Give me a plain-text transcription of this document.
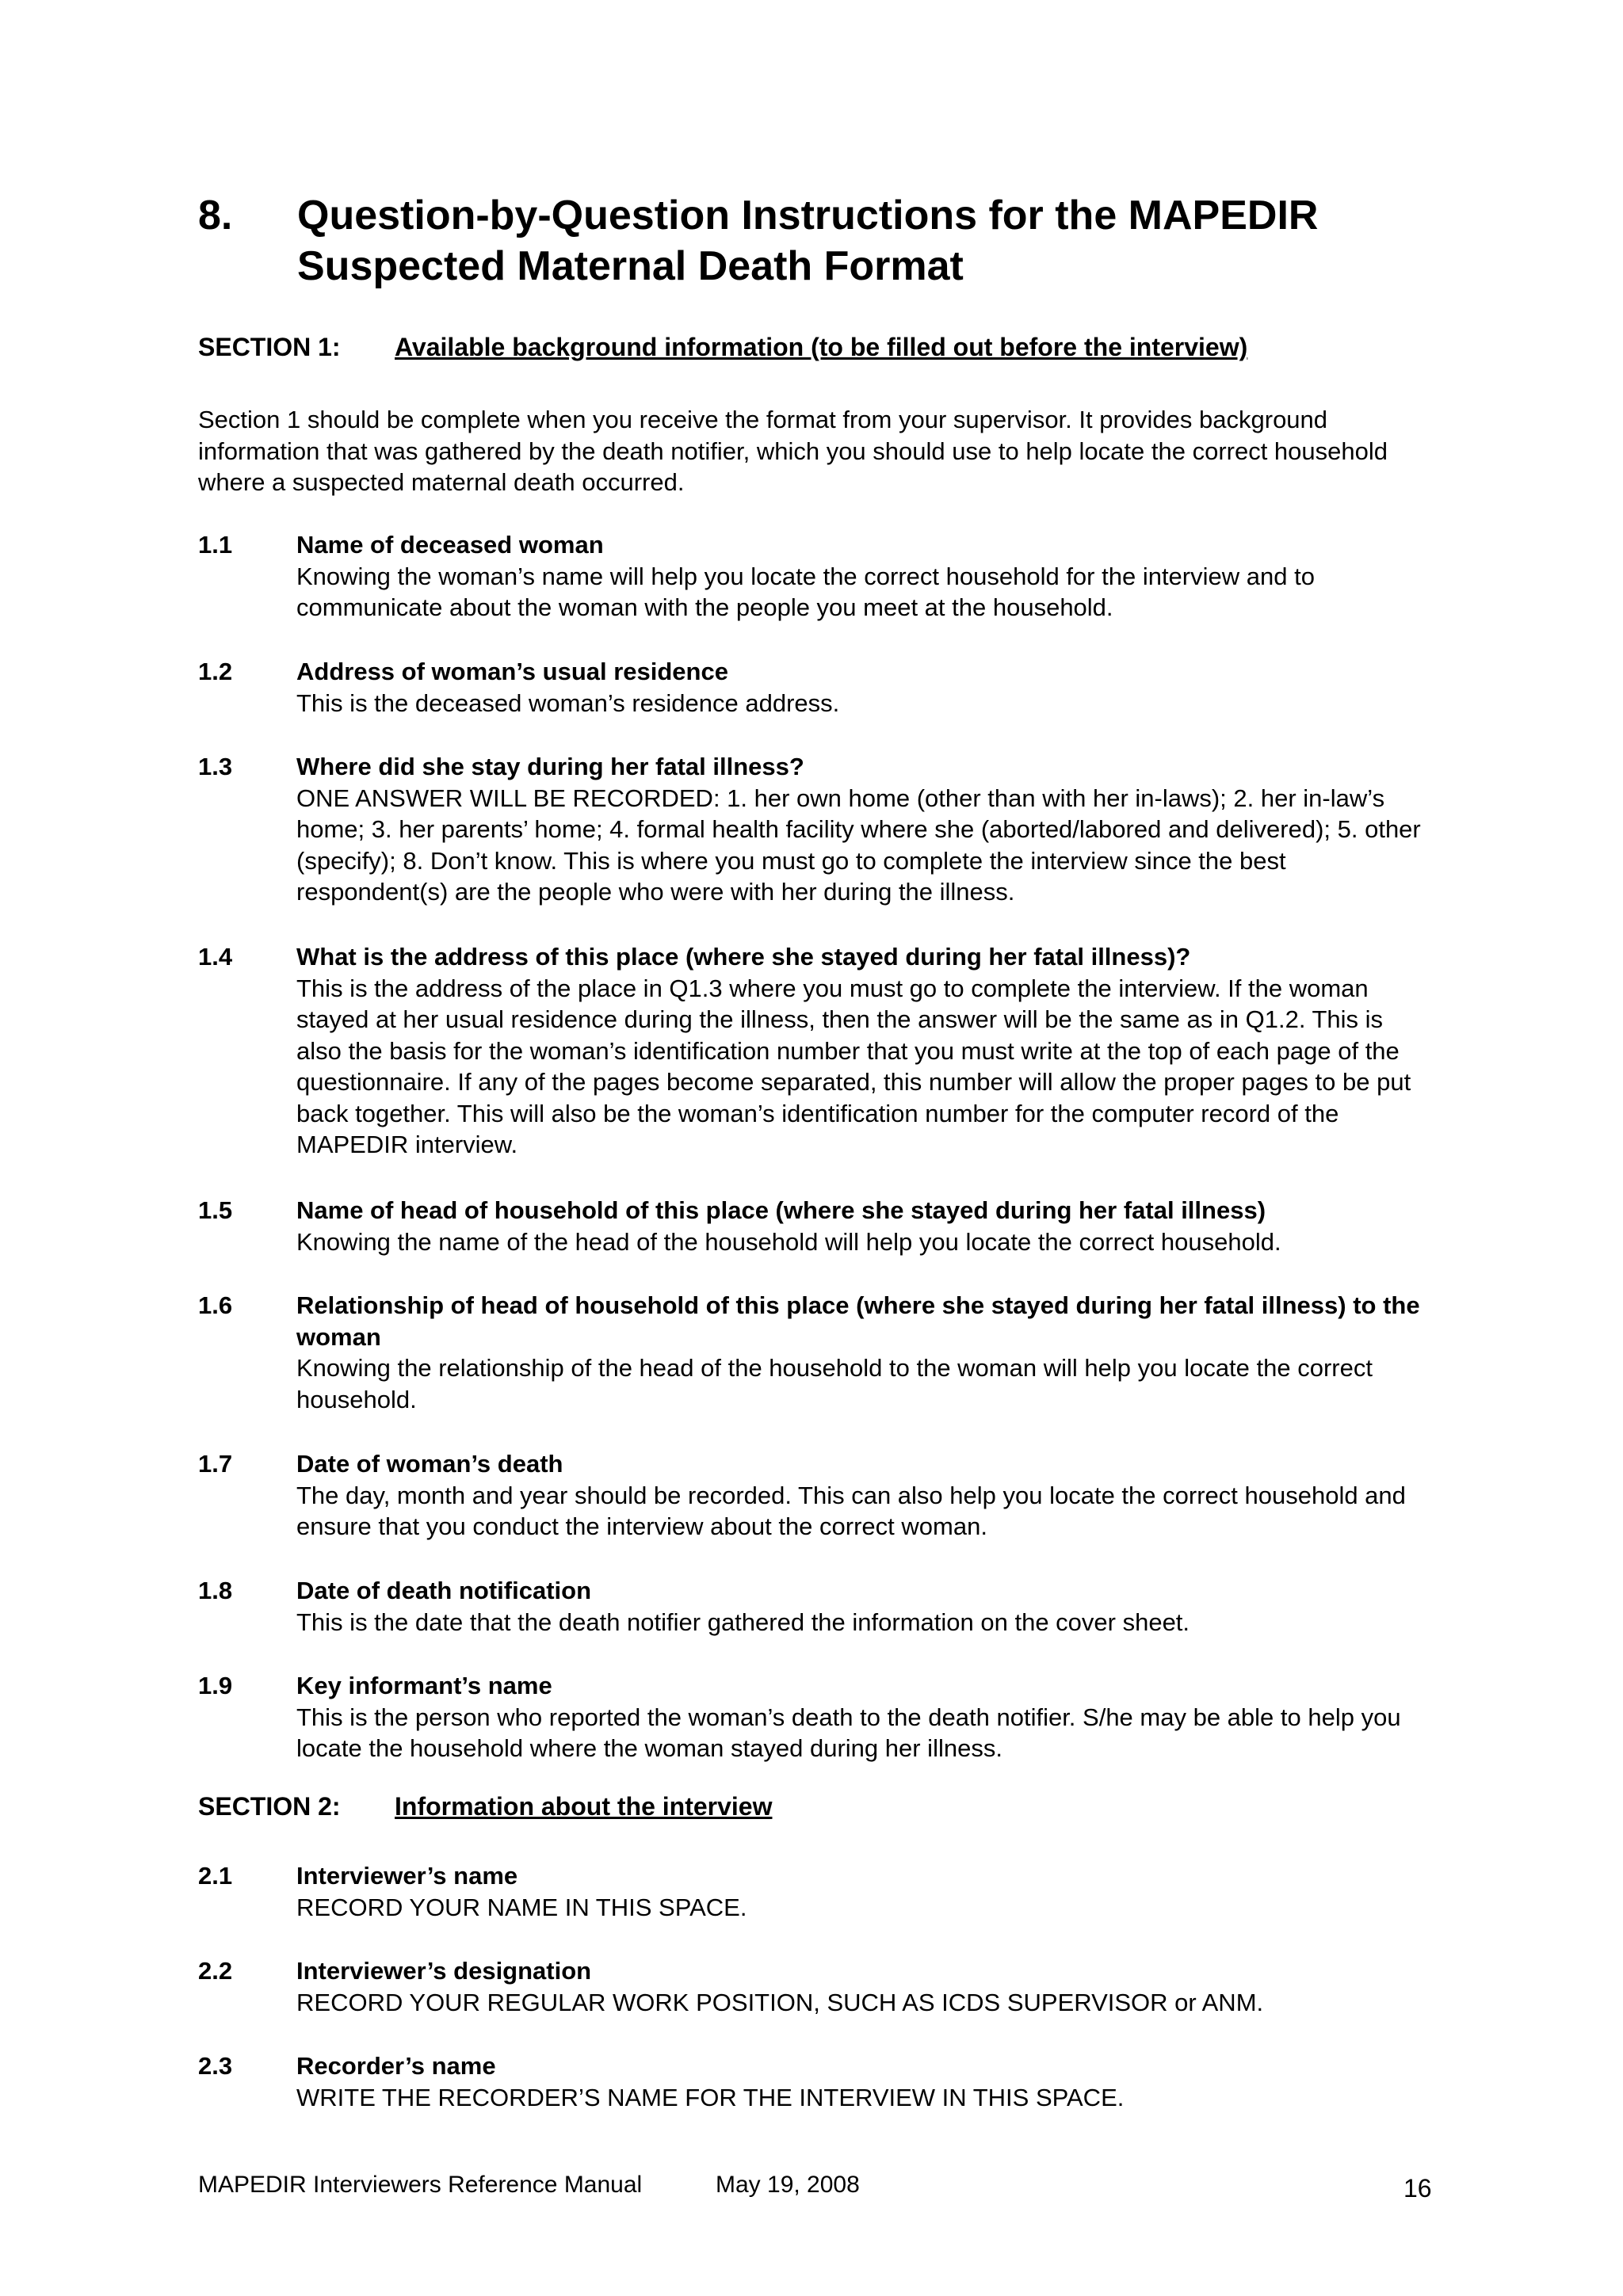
8. Question-by-Question Instructions for the MAPEDIR Suspected Maternal Death Format
SECTION 1: Available background information (to be filled out before the interview)
Section 1 should be complete when you receive the format from your supervisor. It provides background information that was gathered by the death notifier, which you should use to help locate the correct household where a suspected maternal death occurred.
1.1	Name of deceased woman
Knowing the woman’s name will help you locate the correct household for the interview and to communicate about the woman with the people you meet at the household.
1.2	Address of woman’s usual residence
This is the deceased woman’s residence address.
1.3	Where did she stay during her fatal illness?
ONE ANSWER WILL BE RECORDED: 1. her own home (other than with her in-laws); 2. her in-law’s home; 3. her parents’ home; 4. formal health facility where she (aborted/labored and delivered); 5. other (specify); 8. Don’t know. This is where you must go to complete the interview since the best respondent(s) are the people who were with her during the illness.
1.4	What is the address of this place (where she stayed during her fatal illness)?
This is the address of the place in Q1.3 where you must go to complete the interview. If the woman stayed at her usual residence during the illness, then the answer will be the same as in Q1.2. This is also the basis for the woman’s identification number that you must write at the top of each page of the questionnaire. If any of the pages become separated, this number will allow the proper pages to be put back together. This will also be the woman’s identification number for the computer record of the MAPEDIR interview.
1.5	Name of head of household of this place (where she stayed during her fatal illness)
Knowing the name of the head of the household will help you locate the correct household.
1.6	Relationship of head of household of this place (where she stayed during her fatal illness) to the woman
Knowing the relationship of the head of the household to the woman will help you locate the correct household.
1.7	Date of woman’s death
The day, month and year should be recorded. This can also help you locate the correct household and ensure that you conduct the interview about the correct woman.
1.8	Date of death notification
This is the date that the death notifier gathered the information on the cover sheet.
1.9	Key informant’s name
This is the person who reported the woman’s death to the death notifier. S/he may be able to help you locate the household where the woman stayed during her illness.
SECTION 2: Information about the interview
2.1	Interviewer’s name
RECORD YOUR NAME IN THIS SPACE.
2.2	Interviewer’s designation
RECORD YOUR REGULAR WORK POSITION, SUCH AS ICDS SUPERVISOR or ANM.
2.3	Recorder’s name
WRITE THE RECORDER’S NAME FOR THE INTERVIEW IN THIS SPACE.
MAPEDIR Interviewers Reference Manual	May 19, 2008	16
